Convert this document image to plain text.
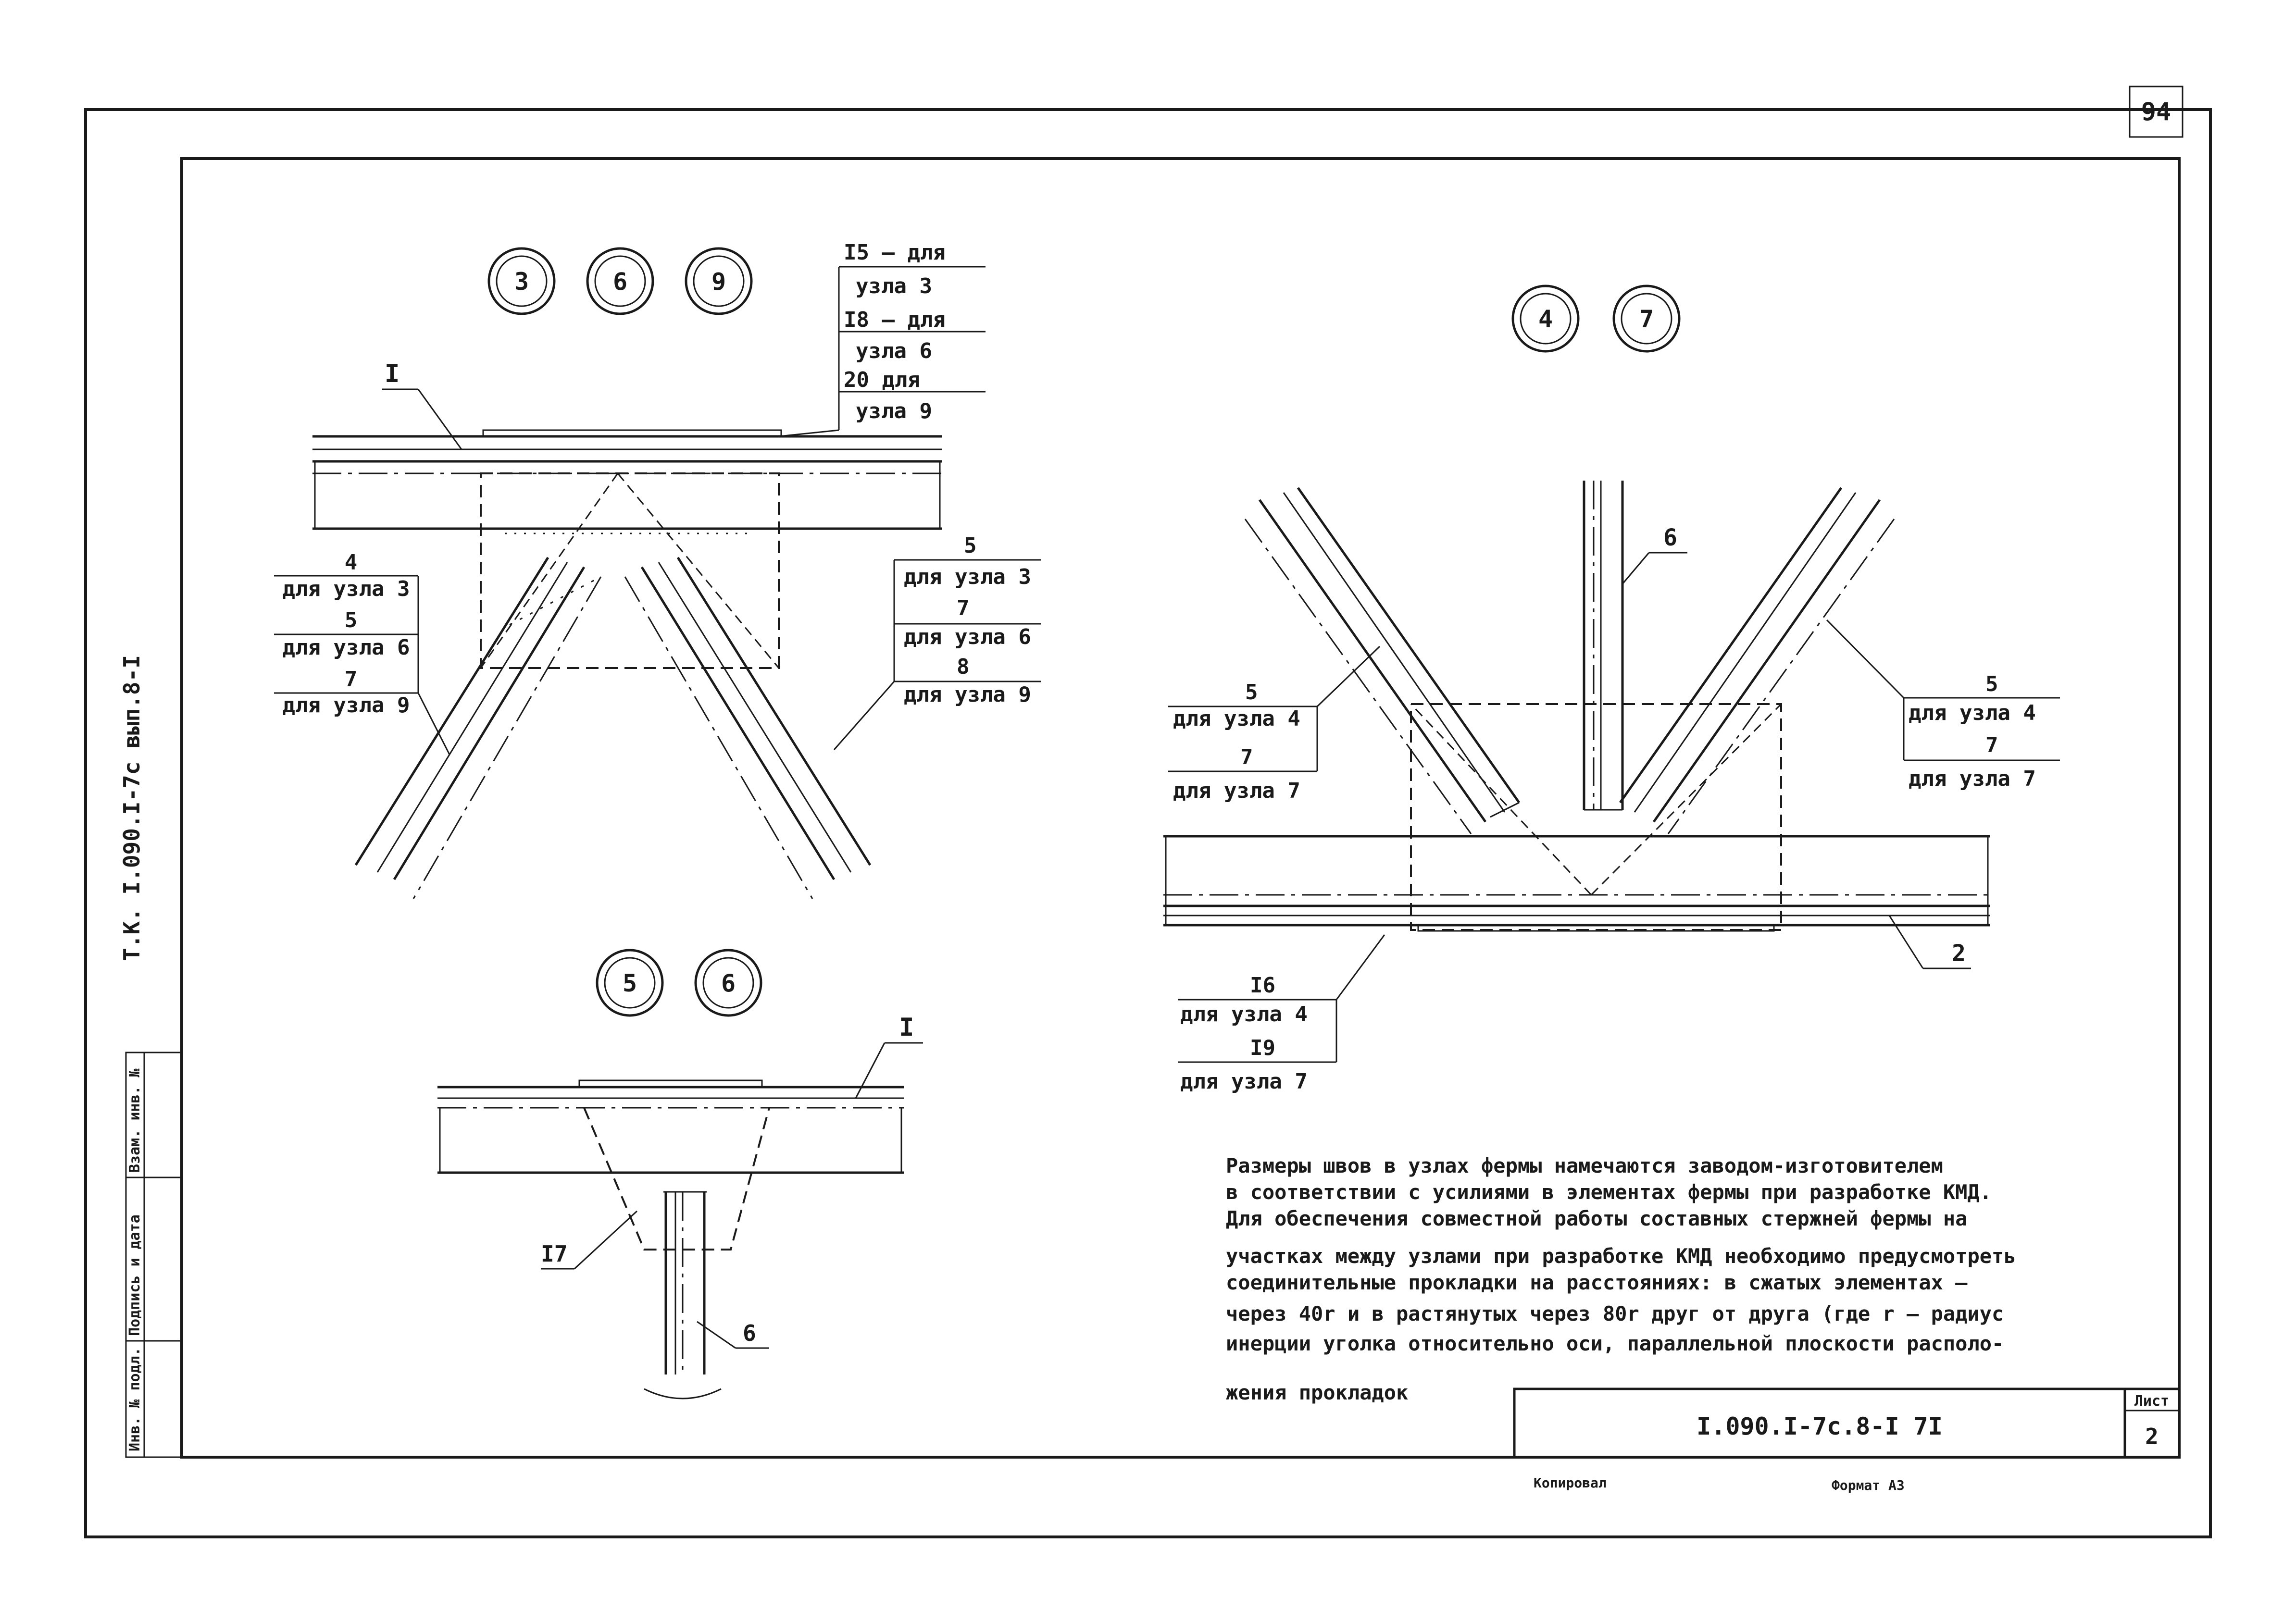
94
Инв. № подл.
Подпись и дата
Взам. инв. №
Т.К. I.090.I-7с вып.8-I
3	6	9
I
I5 – для
узла 3
I8 – для
узла 6
20 для
узла 9
4
для узла 3
5
для узла 6
7
для узла 9
5
для узла 3
7
для узла 6
8
для узла 9
5	6
I
I7
6
4	7
6
2
5
для узла 4
7
для узла 7
5
для узла 4
7
для узла 7
I6
для узла 4
I9
для узла 7
Размеры швов в узлах фермы намечаются заводом-изготовителем
в соответствии с усилиями в элементах фермы при разработке КМД.
Для обеспечения совместной работы составных стержней фермы на
участках между узлами при разработке КМД необходимо предусмотреть
соединительные прокладки на расстояниях: в сжатых элементах –
через 40r и в растянутых через 80r друг от друга (где r – радиус
инерции уголка относительно оси, параллельной плоскости располо-
жения прокладок
I.090.I-7с.8-I 7I
Лист
2
Копировал	Формат А3
